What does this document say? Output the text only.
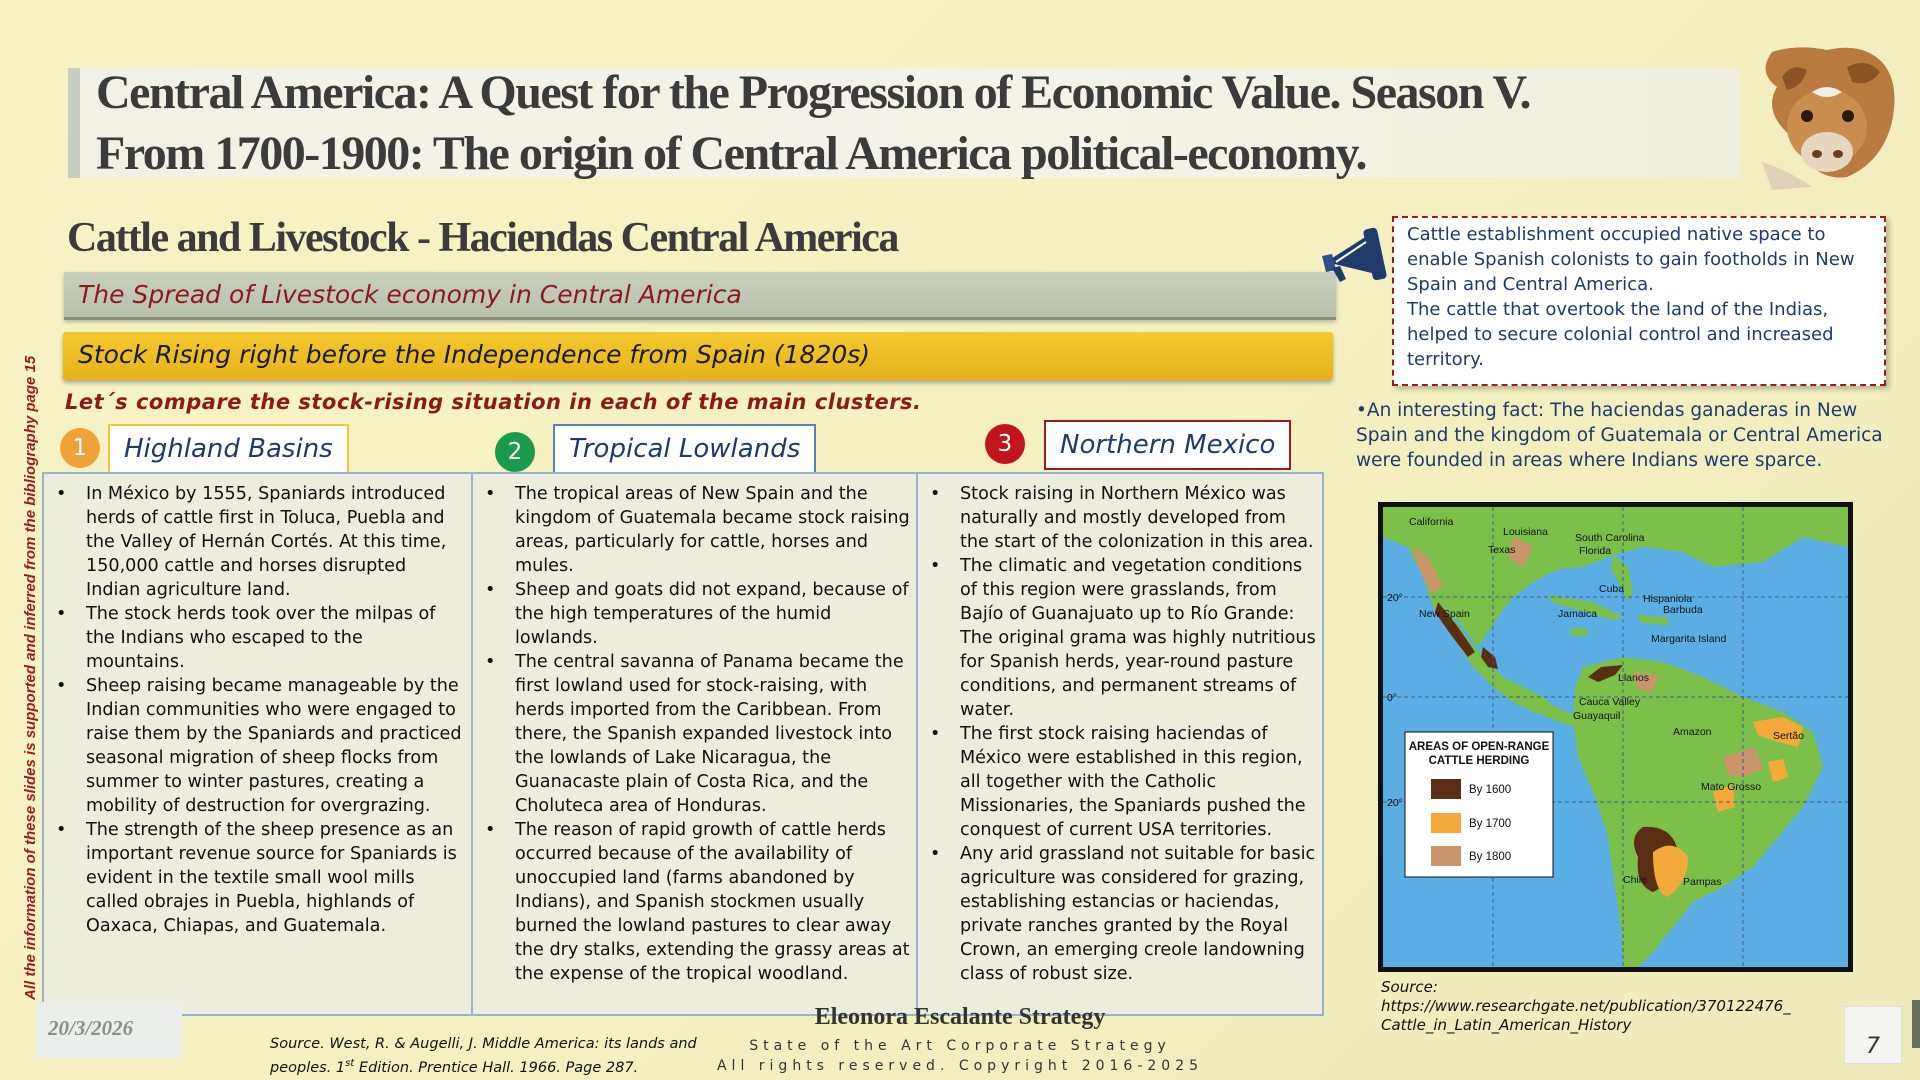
Central America: A Quest for the Progression of Economic Value. Season V.
From 1700-1900: The origin of Central America political-economy.
All the information of these slides is supported and inferred from the bibliography page 15
Cattle and Livestock - Haciendas Central America
The Spread of Livestock economy in Central America
Stock Rising right before the Independence from Spain (1820s)
Let´s compare the stock-rising situation in each of the main clusters.
1	Highland Basins	2	Tropical Lowlands	3	Northern Mexico
• In México by 1555, Spaniards introduced herds of cattle first in Toluca, Puebla and the Valley of Hernán Cortés. At this time, 150,000 cattle and horses disrupted Indian agriculture land.
• The stock herds took over the milpas of the Indians who escaped to the mountains.
• Sheep raising became manageable by the Indian communities who were engaged to raise them by the Spaniards and practiced seasonal migration of sheep flocks from summer to winter pastures, creating a mobility of destruction for overgrazing.
• The strength of the sheep presence as an important revenue source for Spaniards is evident in the textile small wool mills called obrajes in Puebla, highlands of Oaxaca, Chiapas, and Guatemala.
• The tropical areas of New Spain and the kingdom of Guatemala became stock raising areas, particularly for cattle, horses and mules.
• Sheep and goats did not expand, because of the high temperatures of the humid lowlands.
• The central savanna of Panama became the first lowland used for stock-raising, with herds imported from the Caribbean. From there, the Spanish expanded livestock into the lowlands of Lake Nicaragua, the Guanacaste plain of Costa Rica, and the Choluteca area of Honduras.
• The reason of rapid growth of cattle herds occurred because of the availability of unoccupied land (farms abandoned by Indians), and Spanish stockmen usually burned the lowland pastures to clear away the dry stalks, extending the grassy areas at the expense of the tropical woodland.
• Stock raising in Northern México was naturally and mostly developed from the start of the colonization in this area.
• The climatic and vegetation conditions of this region were grasslands, from Bajío of Guanajuato up to Río Grande: The original grama was highly nutritious for Spanish herds, year-round pasture conditions, and permanent streams of water.
• The first stock raising haciendas of México were established in this region, all together with the Catholic Missionaries, the Spaniards pushed the conquest of current USA territories.
• Any arid grassland not suitable for basic agriculture was considered for grazing, establishing estancias or haciendas, private ranches granted by the Royal Crown, an emerging creole landowning class of robust size.
Cattle establishment occupied native space to enable Spanish colonists to gain footholds in New Spain and Central America.
The cattle that overtook the land of the Indias, helped to secure colonial control and increased territory.
•An interesting fact: The haciendas ganaderas in New Spain and the kingdom of Guatemala or Central America were founded in areas where Indians were sparce.
California
Louisiana
Texas
South Carolina
Florida
Cuba
Hispaniola
Barbuda
New Spain	Jamaica
Margarita Island
Llanos
Cauca Valley
Guayaquil
Amazon	Sertão
Mato Grosso
Chile	Pampas
20°
0°
20°
AREAS OF OPEN-RANGE
CATTLE HERDING
By 1600
By 1700
By 1800
Source:
https://www.researchgate.net/publication/370122476_
Cattle_in_Latin_American_History
20/3/2026
Source. West, R. & Augelli, J. Middle America: its lands and
peoples. 1st Edition. Prentice Hall. 1966. Page 287.
Eleonora Escalante Strategy
State of the Art Corporate Strategy
All rights reserved. Copyright 2016-2025
7
